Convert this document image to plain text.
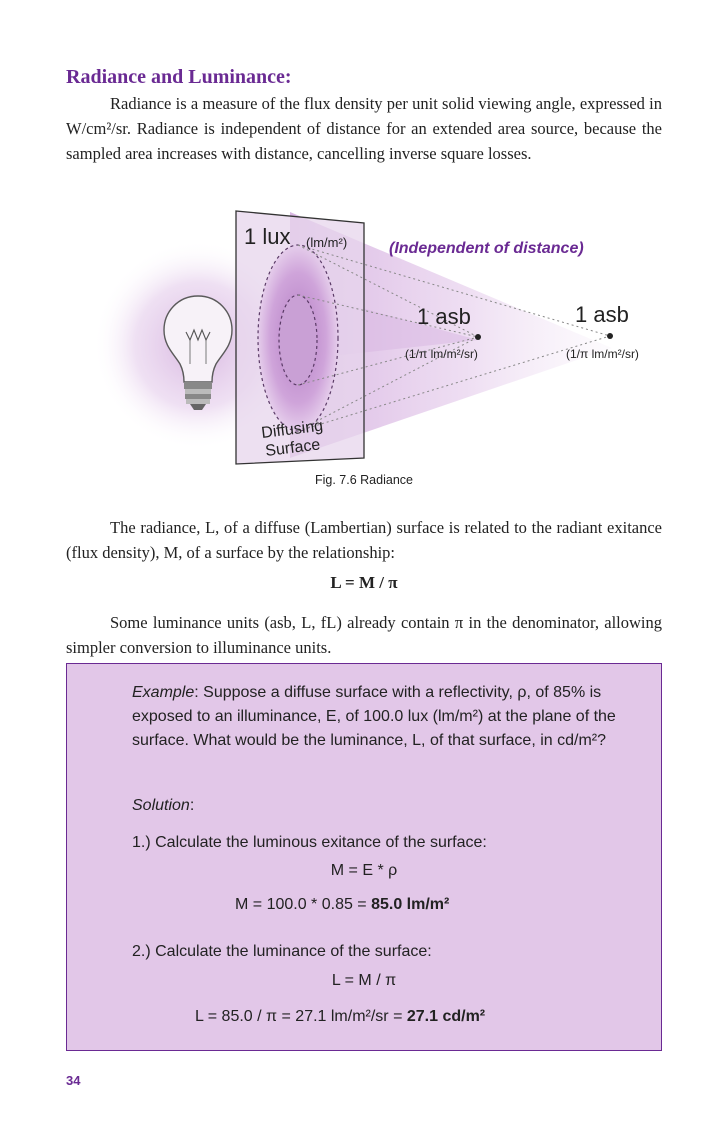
Radiance and Luminance:
Radiance is a measure of the flux density per unit solid viewing angle, expressed in W/cm²/sr. Radiance is independent of distance for an extended area source, because the sampled area increases with distance, cancelling inverse square losses.
1 lux (lm/m²)	(Independent of distance)
1 asb	1 asb
(1/π lm/m²/sr)	(1/π lm/m²/sr)
Diffusing
Surface
Fig. 7.6 Radiance
The radiance, L, of a diffuse (Lambertian) surface is related to the radiant exitance (flux density), M, of a surface by the relationship:
L = M / π
Some luminance units (asb, L, fL) already contain π in the denominator, allowing simpler conversion to illuminance units.
Example: Suppose a diffuse surface with a reflectivity, ρ, of 85% is exposed to an illuminance, E, of 100.0 lux (lm/m²) at the plane of the surface. What would be the luminance, L, of that surface, in cd/m²?
Solution:
1.) Calculate the luminous exitance of the surface:
M = E * ρ
M = 100.0 * 0.85 = 85.0 lm/m²
2.) Calculate the luminance of the surface:
L = M / π
L = 85.0 / π = 27.1 lm/m²/sr = 27.1 cd/m²
34
